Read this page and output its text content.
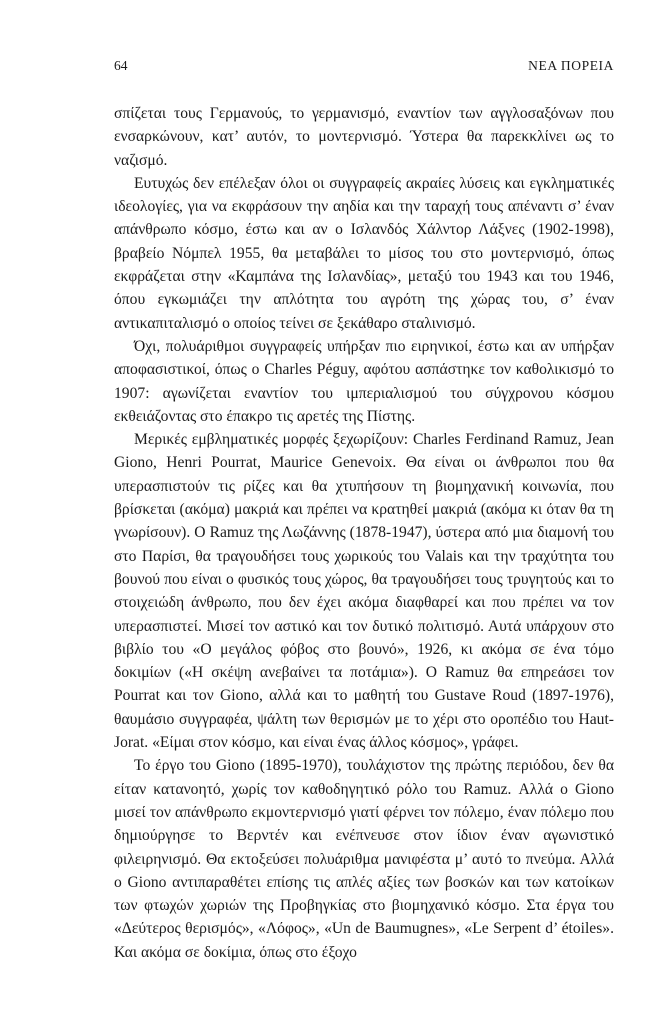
64	ΝΕΑ ΠΟΡΕΙΑ

σπίζεται τους Γερμανούς, το γερμανισμό, εναντίον των αγγλοσαξόνων που ενσαρκώνουν, κατ’ αυτόν, το μοντερνισμό. Ύστερα θα παρεκκλίνει ως το ναζισμό.

Ευτυχώς δεν επέλεξαν όλοι οι συγγραφείς ακραίες λύσεις και εγκληματικές ιδεολογίες, για να εκφράσουν την αηδία και την ταραχή τους απέναντι σ’ έναν απάνθρωπο κόσμο, έστω και αν ο Ισλανδός Χάλντορ Λάξνες (1902-1998), βραβείο Νόμπελ 1955, θα μεταβάλει το μίσος του στο μοντερνισμό, όπως εκφράζεται στην «Καμπάνα της Ισλανδίας», μεταξύ του 1943 και του 1946, όπου εγκωμιάζει την απλότητα του αγρότη της χώρας του, σ’ έναν αντικαπιταλισμό ο οποίος τείνει σε ξεκάθαρο σταλινισμό.

Όχι, πολυάριθμοι συγγραφείς υπήρξαν πιο ειρηνικοί, έστω και αν υπήρξαν αποφασιστικοί, όπως ο Charles Péguy, αφότου ασπάστηκε τον καθολικισμό το 1907: αγωνίζεται εναντίον του ιμπεριαλισμού του σύγχρονου κόσμου εκθειάζοντας στο έπακρο τις αρετές της Πίστης.

Μερικές εμβληματικές μορφές ξεχωρίζουν: Charles Ferdinand Ramuz, Jean Giono, Henri Pourrat, Maurice Genevoix. Θα είναι οι άνθρωποι που θα υπερασπιστούν τις ρίζες και θα χτυπήσουν τη βιομηχανική κοινωνία, που βρίσκεται (ακόμα) μακριά και πρέπει να κρατηθεί μακριά (ακόμα κι όταν θα τη γνωρίσουν). Ο Ramuz της Λωζάννης (1878-1947), ύστερα από μια διαμονή του στο Παρίσι, θα τραγουδήσει τους χωρικούς του Valais και την τραχύτητα του βουνού που είναι ο φυσικός τους χώρος, θα τραγουδήσει τους τρυγητούς και το στοιχειώδη άνθρωπο, που δεν έχει ακόμα διαφθαρεί και που πρέπει να τον υπερασπιστεί. Μισεί τον αστικό και τον δυτικό πολιτισμό. Αυτά υπάρχουν στο βιβλίο του «Ο μεγάλος φόβος στο βουνό», 1926, κι ακόμα σε ένα τόμο δοκιμίων («Η σκέψη ανεβαίνει τα ποτάμια»). Ο Ramuz θα επηρεάσει τον Pourrat και τον Giono, αλλά και το μαθητή του Gustave Roud (1897-1976), θαυμάσιο συγγραφέα, ψάλτη των θερισμών με το χέρι στο οροπέδιο του Haut-Jorat. «Είμαι στον κόσμο, και είναι ένας άλλος κόσμος», γράφει.

Το έργο του Giono (1895-1970), τουλάχιστον της πρώτης περιόδου, δεν θα είταν κατανοητό, χωρίς τον καθοδηγητικό ρόλο του Ramuz. Αλλά ο Giono μισεί τον απάνθρωπο εκμοντερνισμό γιατί φέρνει τον πόλεμο, έναν πόλεμο που δημιούργησε το Βερντέν και ενέπνευσε στον ίδιον έναν αγωνιστικό φιλειρηνισμό. Θα εκτοξεύσει πολυάριθμα μανιφέστα μ’ αυτό το πνεύμα. Αλλά ο Giono αντιπαραθέτει επίσης τις απλές αξίες των βοσκών και των κατοίκων των φτωχών χωριών της Προβηγκίας στο βιομηχανικό κόσμο. Στα έργα του «Δεύτερος θερισμός», «Λόφος», «Un de Baumugnes», «Le Serpent d’ étoiles». Και ακόμα σε δοκίμια, όπως στο έξοχο
